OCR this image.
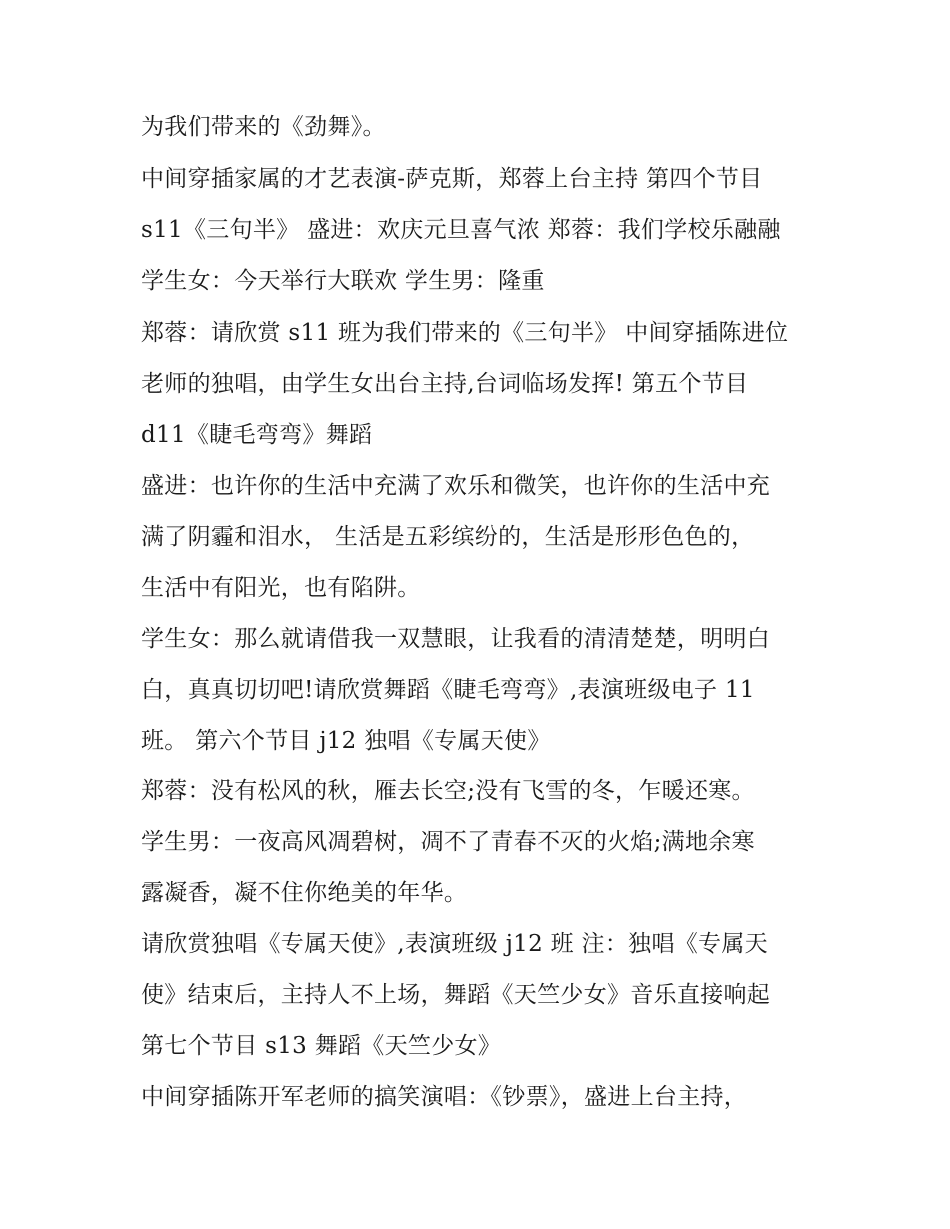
为我们带来的《劲舞》。
中间穿插家属的才艺表演-萨克斯，郑蓉上台主持 第四个节目
s11《三句半》 盛进：欢庆元旦喜气浓 郑蓉：我们学校乐融融
学生女：今天举行大联欢 学生男：隆重
郑蓉：请欣赏 s11 班为我们带来的《三句半》 中间穿插陈进位
老师的独唱，由学生女出台主持,台词临场发挥! 第五个节目
d11《睫毛弯弯》舞蹈
盛进：也许你的生活中充满了欢乐和微笑，也许你的生活中充
满了阴霾和泪水， 生活是五彩缤纷的，生活是形形色色的，
生活中有阳光，也有陷阱。
学生女：那么就请借我一双慧眼，让我看的清清楚楚，明明白
白，真真切切吧!请欣赏舞蹈《睫毛弯弯》,表演班级电子 11
班。 第六个节目 j12 独唱《专属天使》
郑蓉：没有松风的秋，雁去长空;没有飞雪的冬，乍暖还寒。
学生男：一夜高风凋碧树，凋不了青春不灭的火焰;满地余寒
露凝香，凝不住你绝美的年华。
请欣赏独唱《专属天使》,表演班级 j12 班 注：独唱《专属天
使》结束后，主持人不上场，舞蹈《天竺少女》音乐直接响起
第七个节目 s13 舞蹈《天竺少女》
中间穿插陈开军老师的搞笑演唱：《钞票》，盛进上台主持，
